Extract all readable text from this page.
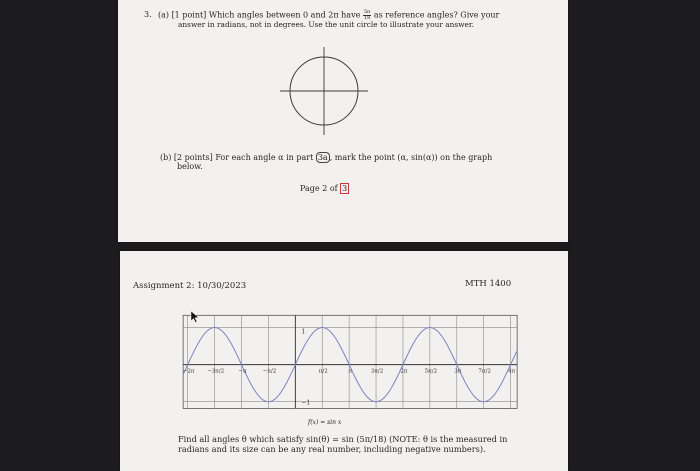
3. (a) [1 point] Which angles between 0 and 2π have $\frac{5\pi}{18}$ as reference angles? Give your
answer in radians, not in degrees. Use the unit circle to illustrate your answer.
(b) [2 points] For each angle α in part 3a , mark the point (α, sin(α)) on the graph
below.
Page 2 of 3
Assignment 2: 10/30/2023	MTH 1400
−2π −3π/2	−π	−π/2	π/2	π	3π/2	2π	5π/2	3π	7π/2	4π
1
−1
f(x) = sin x
Find all angles θ which satisfy sin(θ) = sin (5π/18) (NOTE: θ is the measured in
radians and its size can be any real number, including negative numbers).
